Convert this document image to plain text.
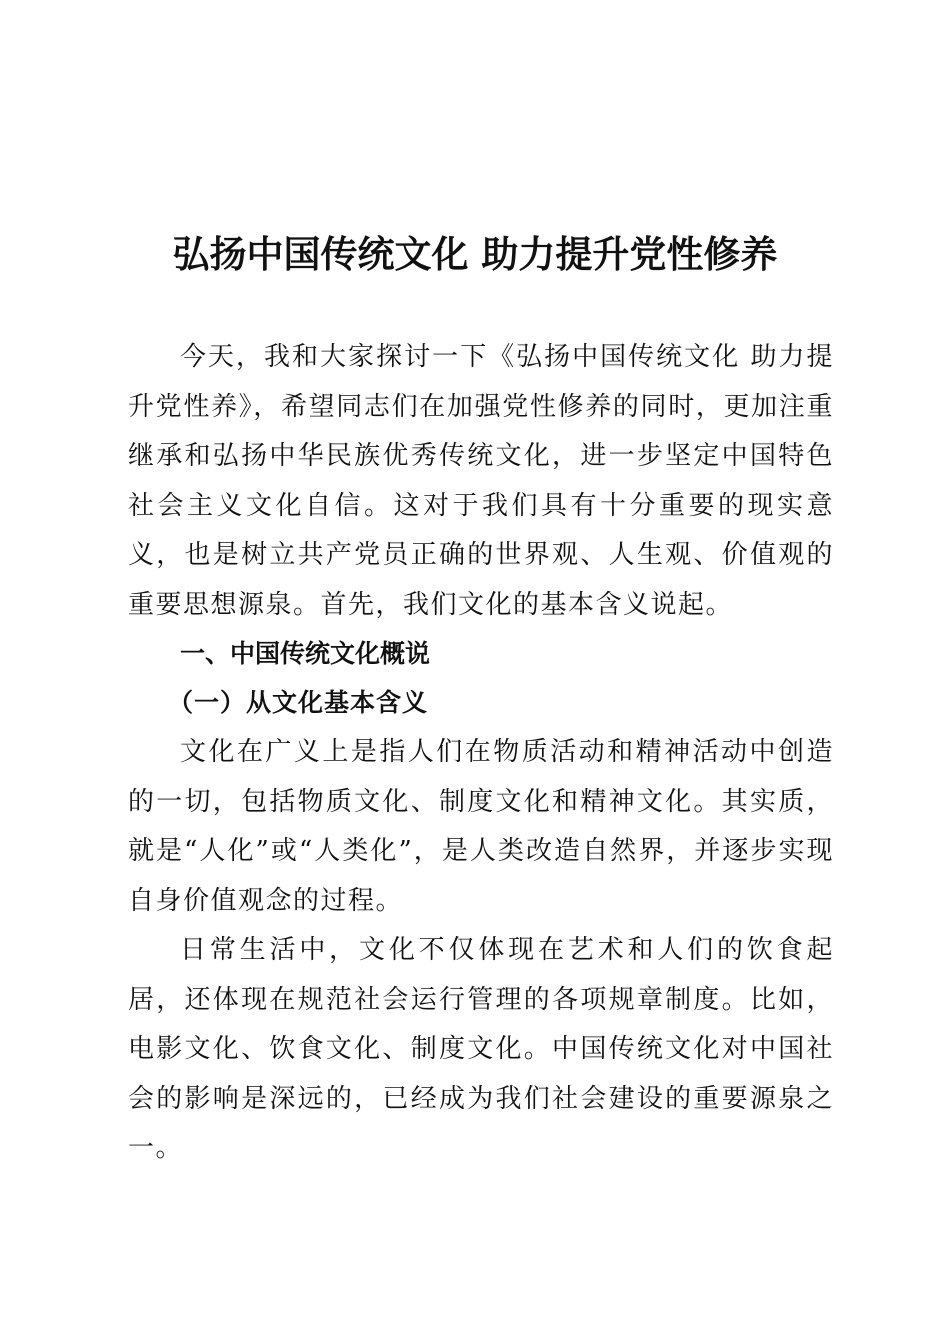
弘扬中国传统文化 助力提升党性修养

今天，我和大家探讨一下《弘扬中国传统文化 助力提升党性养》，希望同志们在加强党性修养的同时，更加注重继承和弘扬中华民族优秀传统文化，进一步坚定中国特色社会主义文化自信。这对于我们具有十分重要的现实意义，也是树立共产党员正确的世界观、人生观、价值观的重要思想源泉。首先，我们文化的基本含义说起。

一、中国传统文化概说
（一）从文化基本含义

文化在广义上是指人们在物质活动和精神活动中创造的一切，包括物质文化、制度文化和精神文化。其实质，就是“人化”或“人类化”，是人类改造自然界，并逐步实现自身价值观念的过程。

日常生活中，文化不仅体现在艺术和人们的饮食起居，还体现在规范社会运行管理的各项规章制度。比如，电影文化、饮食文化、制度文化。中国传统文化对中国社会的影响是深远的，已经成为我们社会建设的重要源泉之一。
